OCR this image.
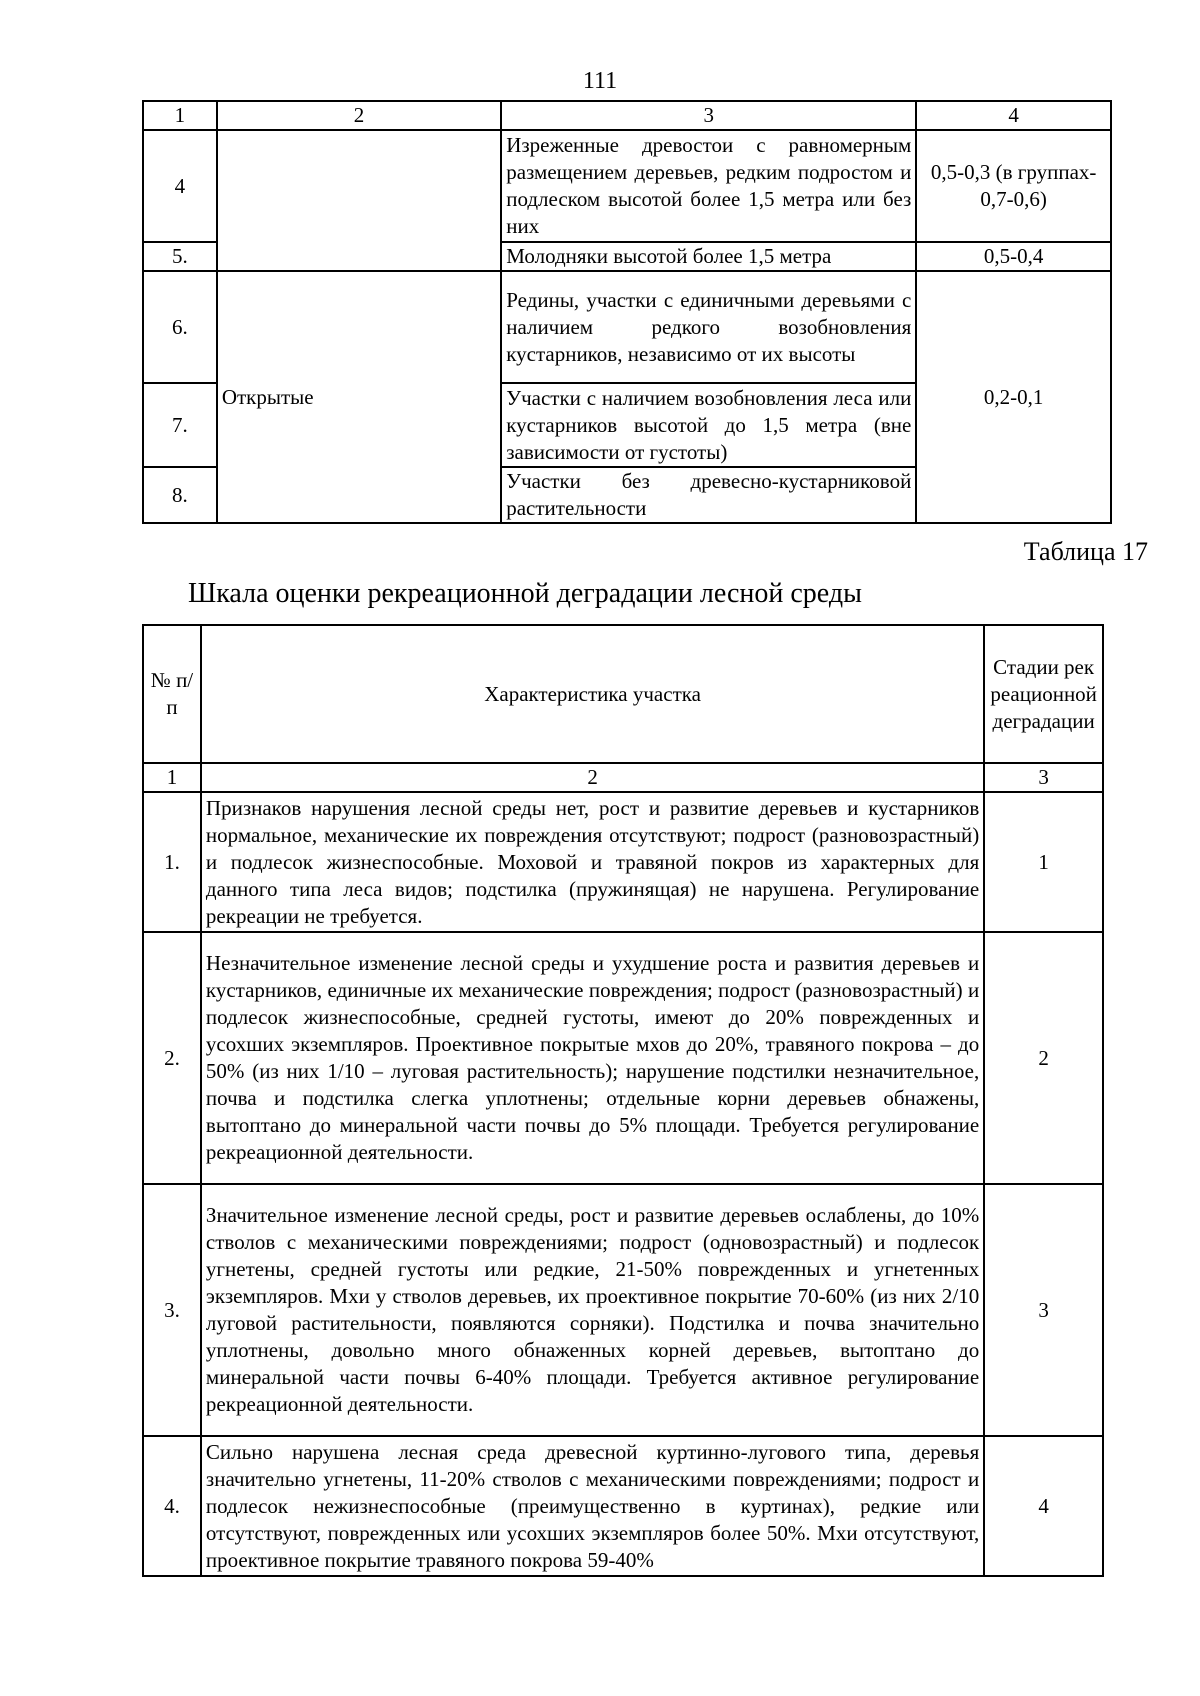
111
1	2	3	4
4		Изреженные древостои с равномерным размещением деревьев, редким подростом и подлеском высотой более 1,5 метра или без них	0,5-0,3 (в группах- 0,7-0,6)
5.		Молодняки высотой более 1,5 метра	0,5-0,4
6.	Открытые	Редины, участки с единичными деревьями с наличием редкого возобновления кустарников, независимо от их высоты	0,2-0,1
7.		Участки с наличием возобновления леса или кустарников высотой до 1,5 метра (вне зависимости от густоты)	
8.		Участки без древесно-кустарниковой растительности	
Таблица 17
Шкала оценки рекреационной деградации лесной среды
№ п/п	Характеристика участка	Стадии рекреационной деградации
1	2	3
1.	Признаков нарушения лесной среды нет, рост и развитие деревьев и кустарников нормальное, механические их повреждения отсутствуют; подрост (разновозрастный) и подлесок жизнеспособные. Моховой и травяной покров из характерных для данного типа леса видов; подстилка (пружинящая) не нарушена. Регулирование рекреации не требуется.	1
2.	Незначительное изменение лесной среды и ухудшение роста и развития деревьев и кустарников, единичные их механические повреждения; подрост (разновозрастный) и подлесок жизнеспособные, средней густоты, имеют до 20% поврежденных и усохших экземпляров. Проективное покрытые мхов до 20%, травяного покрова – до 50% (из них 1/10 – луговая растительность); нарушение подстилки незначительное, почва и подстилка слегка уплотнены; отдельные корни деревьев обнажены, вытоптано до минеральной части почвы до 5% площади. Требуется регулирование рекреационной деятельности.	2
3.	Значительное изменение лесной среды, рост и развитие деревьев ослаблены, до 10% стволов с механическими повреждениями; подрост (одновозрастный) и подлесок угнетены, средней густоты или редкие, 21-50% поврежденных и угнетенных экземпляров. Мхи у стволов деревьев, их проективное покрытие 70-60% (из них 2/10 луговой растительности, появляются сорняки). Подстилка и почва значительно уплотнены, довольно много обнаженных корней деревьев, вытоптано до минеральной части почвы 6-40% площади. Требуется активное регулирование рекреационной деятельности.	3
4.	Сильно нарушена лесная среда древесной куртинно-лугового типа, деревья значительно угнетены, 11-20% стволов с механическими повреждениями; подрост и подлесок нежизнеспособные (преимущественно в куртинах), редкие или отсутствуют, поврежденных или усохших экземпляров более 50%. Мхи отсутствуют, проективное покрытие травяного покрова 59-40%	4
